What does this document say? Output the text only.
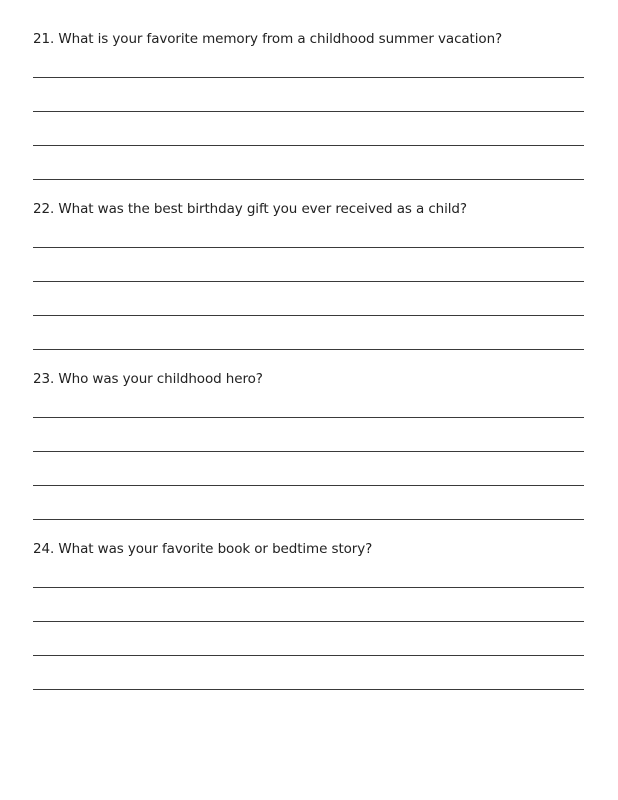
21. What is your favorite memory from a childhood summer vacation?
22. What was the best birthday gift you ever received as a child?
23. Who was your childhood hero?
24. What was your favorite book or bedtime story?
